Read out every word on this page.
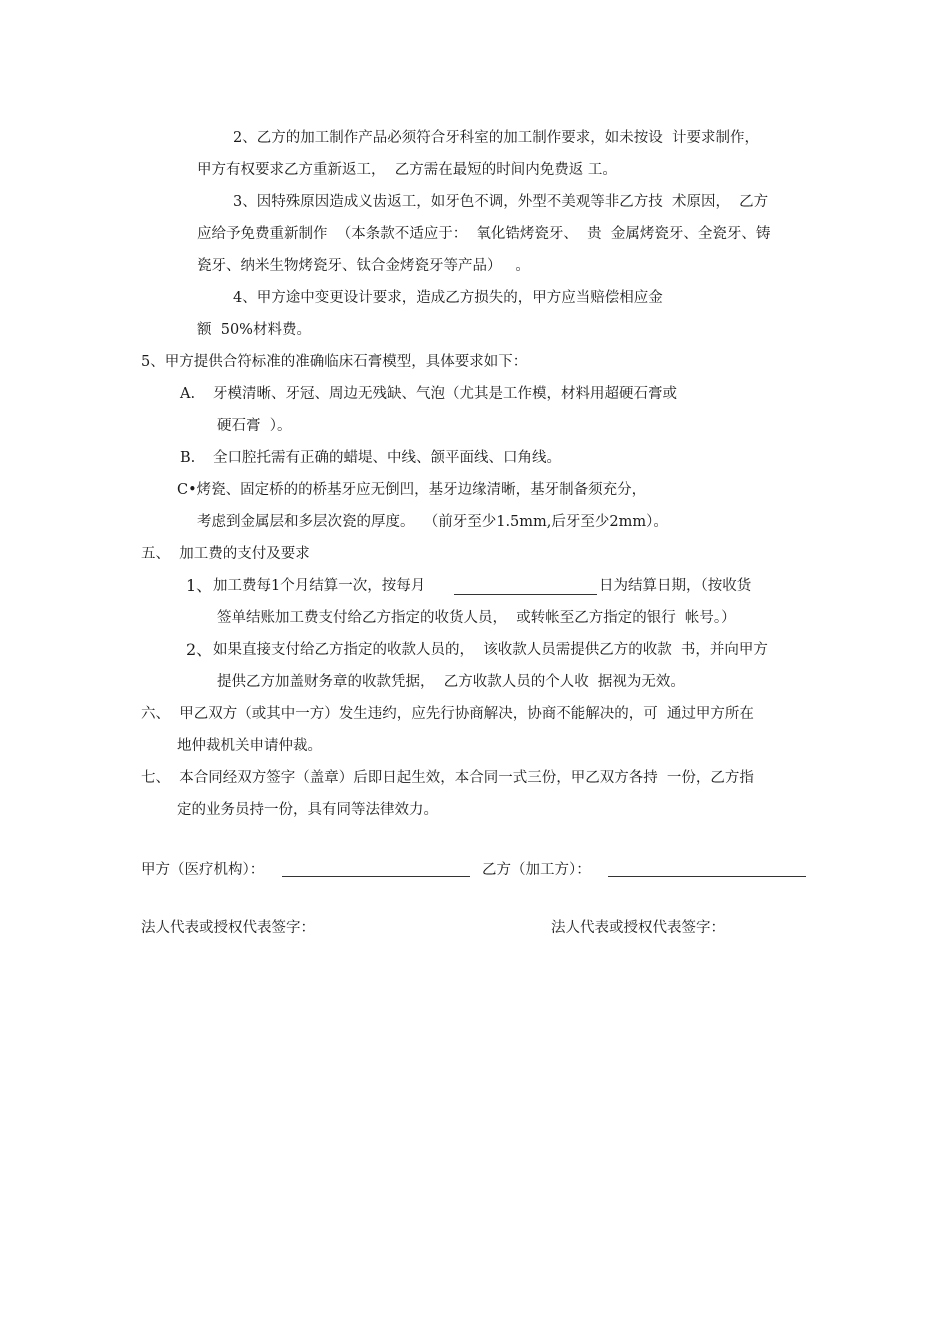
2、乙方的加工制作产品必须符合牙科室的加工制作要求，如未按设  计要求制作，
甲方有权要求乙方重新返工，  乙方需在最短的时间内免费返 工。
3、因特殊原因造成义齿返工，如牙色不调，外型不美观等非乙方技  术原因，  乙方
应给予免费重新制作  （本条款不适应于：  氧化锆烤瓷牙、  贵  金属烤瓷牙、全瓷牙、铸
瓷牙、纳米生物烤瓷牙、钛合金烤瓷牙等产品）   。
4、甲方途中变更设计要求，造成乙方损失的，甲方应当赔偿相应金
额  50%材料费。
5、甲方提供合符标准的准确临床石膏模型，具体要求如下：
A. 牙模清晰、牙冠、周边无残缺、气泡（尤其是工作模，材料用超硬石膏或
硬石膏  ）。
B. 全口腔托需有正确的蜡堤、中线、颌平面线、口角线。
C•烤瓷、固定桥的的桥基牙应无倒凹，基牙边缘清晰，基牙制备须充分，
考虑到金属层和多层次瓷的厚度。  （前牙至少1.5mm,后牙至少2mm）。
五、  加工费的支付及要求
1、 加工费每1个月结算一次，按每月	日为结算日期，（按收货
签单结账加工费支付给乙方指定的收货人员，  或转帐至乙方指定的银行  帐号。）
2、 如果直接支付给乙方指定的收款人员的，  该收款人员需提供乙方的收款  书，并向甲方
提供乙方加盖财务章的收款凭据，  乙方收款人员的个人收  据视为无效。
六、  甲乙双方（或其中一方）发生违约，应先行协商解决，协商不能解决的，可  通过甲方所在
地仲裁机关申请仲裁。
七、  本合同经双方签字（盖章）后即日起生效，本合同一式三份，甲乙双方各持  一份，乙方指
定的业务员持一份，具有同等法律效力。
甲方（医疗机构）：	乙方（加工方）：
法人代表或授权代表签字：	法人代表或授权代表签字：
